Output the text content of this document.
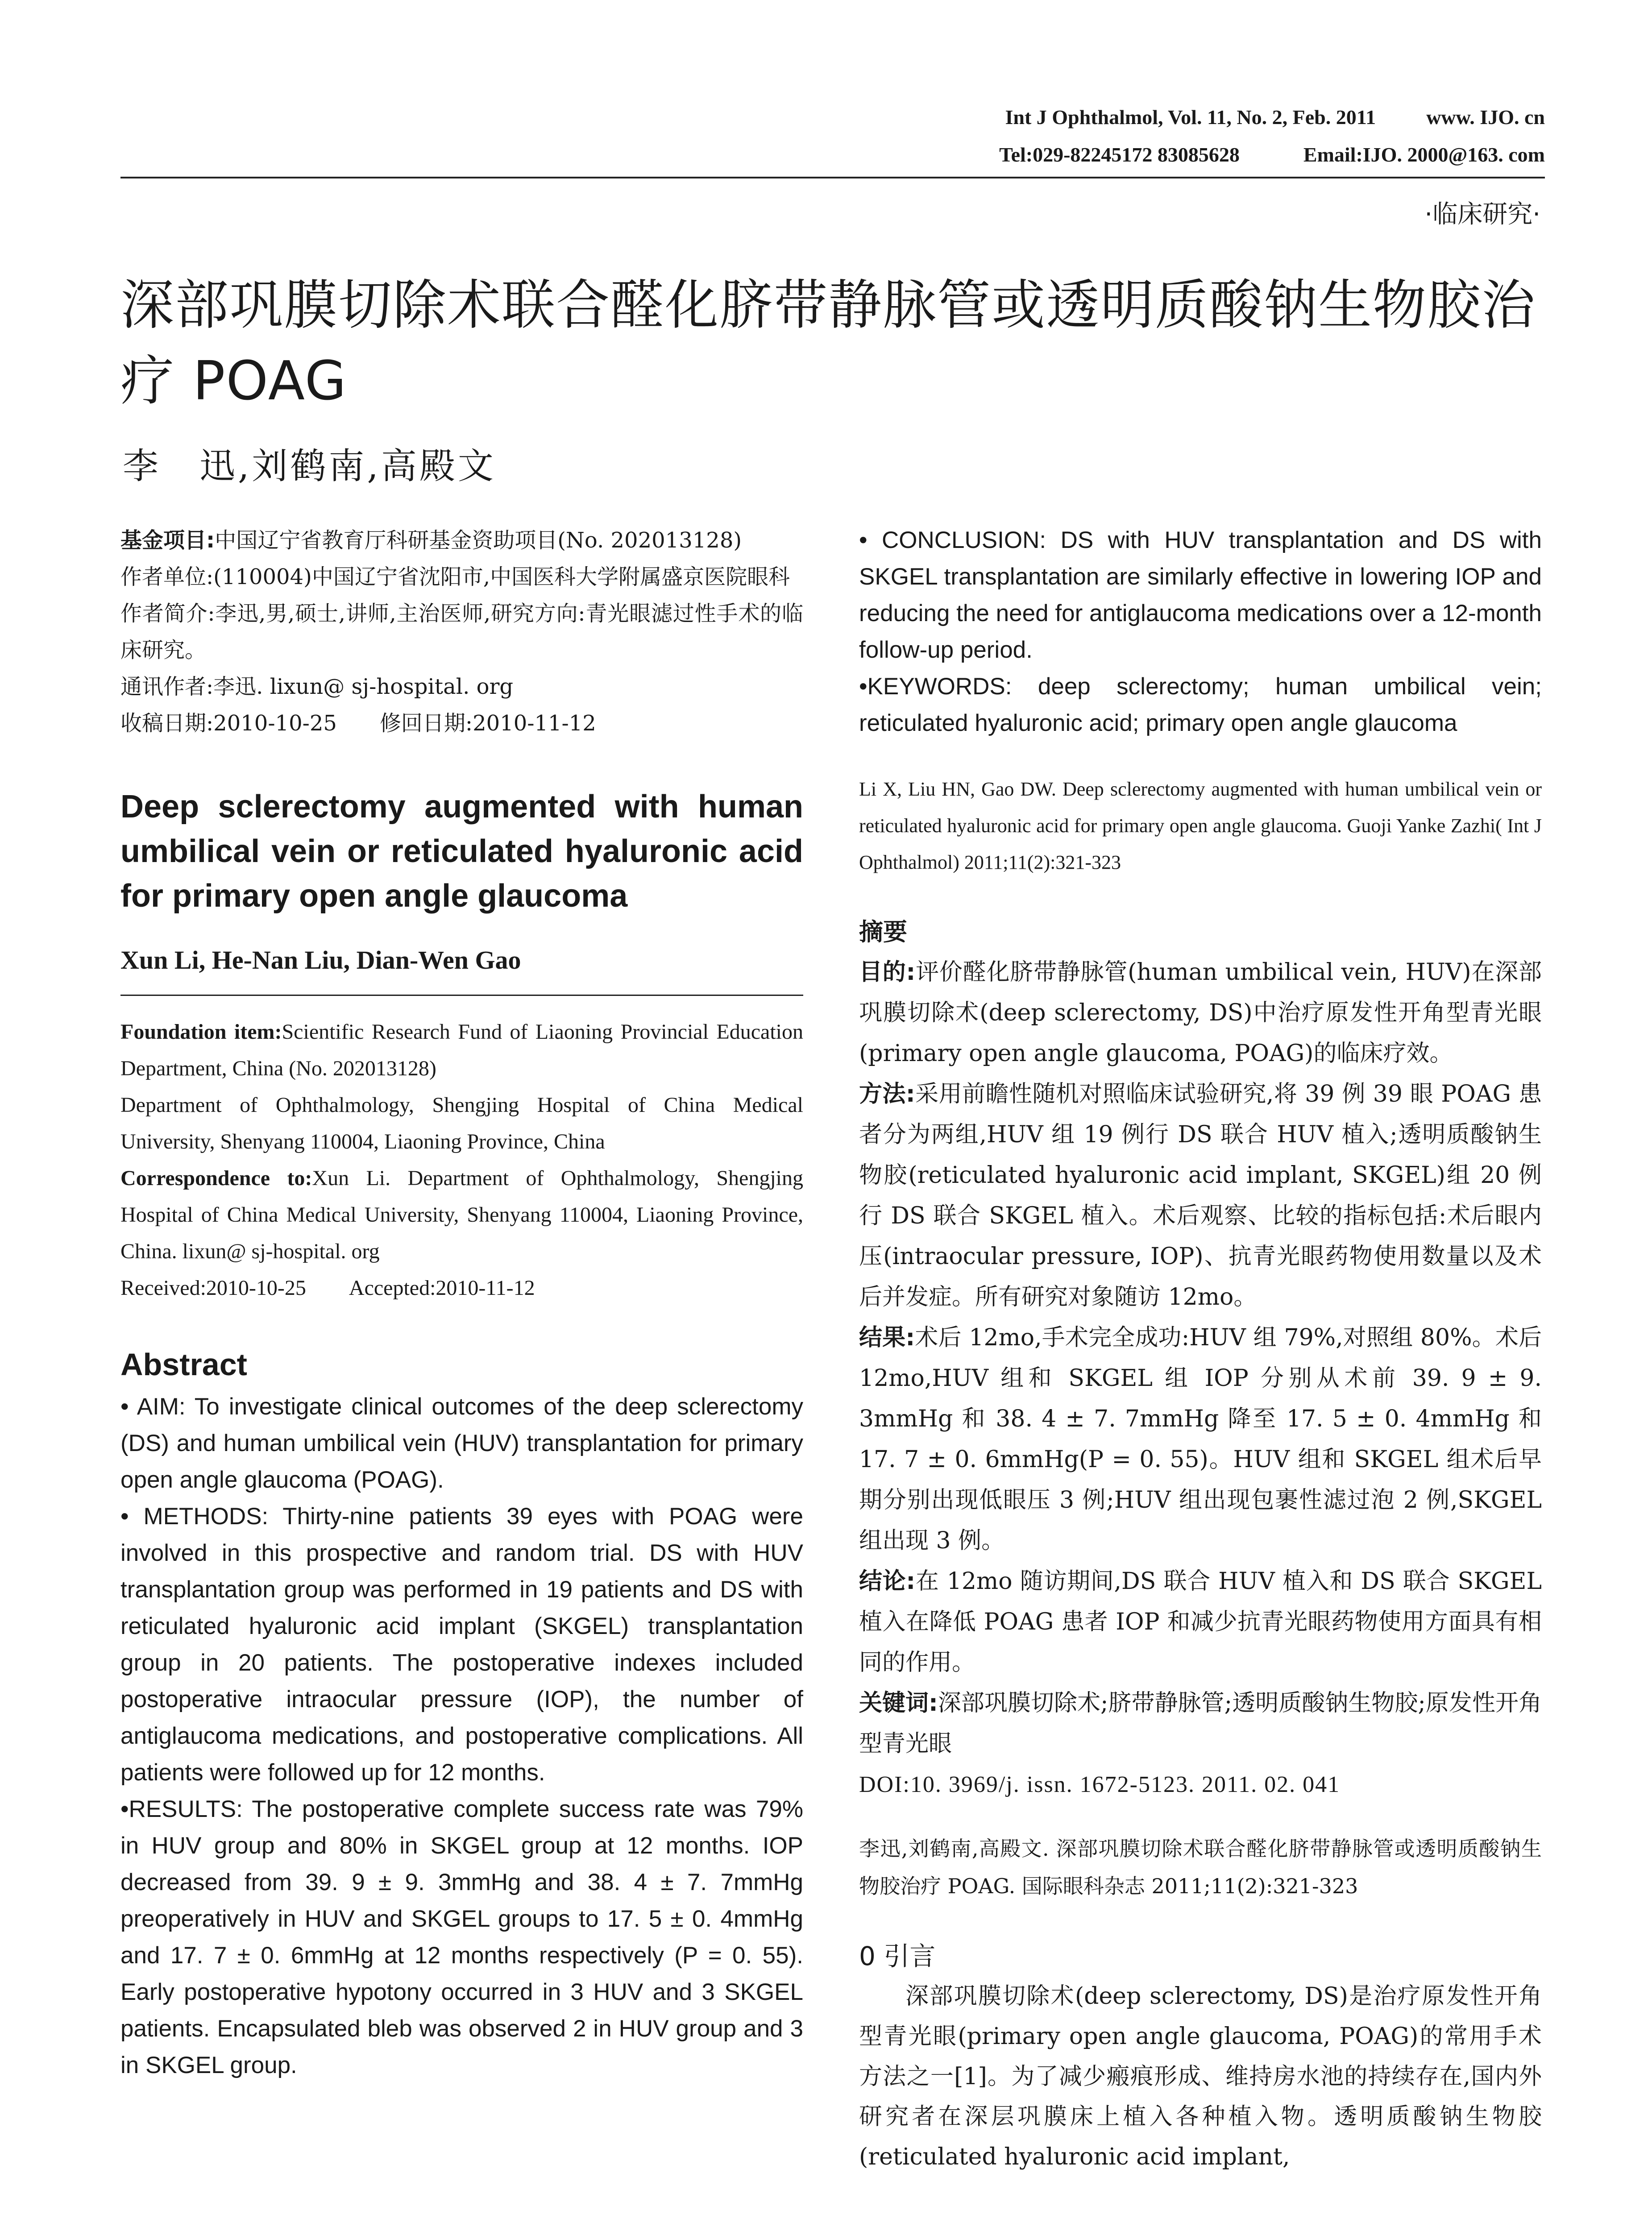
Int J Ophthalmol, Vol. 11, No. 2, Feb. 2011 www. IJO. cn
Tel:029-82245172 83085628	Email:IJO. 2000@163. com
·临床研究·
深部巩膜切除术联合醛化脐带静脉管或透明质酸钠生物胶治疗 POAG
李　迅,刘鹤南,高殿文

基金项目:中国辽宁省教育厅科研基金资助项目(No. 202013128)

作者单位:(110004)中国辽宁省沈阳市,中国医科大学附属盛京医院眼科

作者简介:李迅,男,硕士,讲师,主治医师,研究方向:青光眼滤过性手术的临床研究。

通讯作者:李迅. lixun@ sj-hospital. org

收稿日期:2010-10-25　　修回日期:2010-11-12

Deep sclerectomy augmented with human umbilical vein or reticulated hyaluronic acid for primary open angle glaucoma
Xun Li, He-Nan Liu, Dian-Wen Gao

Foundation item:Scientific Research Fund of Liaoning Provincial Education Department, China (No. 202013128)

Department of Ophthalmology, Shengjing Hospital of China Medical University, Shenyang 110004, Liaoning Province, China

Correspondence to:Xun Li. Department of Ophthalmology, Shengjing Hospital of China Medical University, Shenyang 110004, Liaoning Province, China. lixun@ sj-hospital. org

Received:2010-10-25　　Accepted:2010-11-12

Abstract

• AIM: To investigate clinical outcomes of the deep sclerectomy (DS) and human umbilical vein (HUV) transplantation for primary open angle glaucoma (POAG).

• METHODS: Thirty-nine patients 39 eyes with POAG were involved in this prospective and random trial. DS with HUV transplantation group was performed in 19 patients and DS with reticulated hyaluronic acid implant (SKGEL) transplantation group in 20 patients. The postoperative indexes included postoperative intraocular pressure (IOP), the number of antiglaucoma medications, and postoperative complications. All patients were followed up for 12 months.

•RESULTS: The postoperative complete success rate was 79% in HUV group and 80% in SKGEL group at 12 months. IOP decreased from 39. 9 ± 9. 3mmHg and 38. 4 ± 7. 7mmHg preoperatively in HUV and SKGEL groups to 17. 5 ± 0. 4mmHg and 17. 7 ± 0. 6mmHg at 12 months respectively (P = 0. 55). Early postoperative hypotony occurred in 3 HUV and 3 SKGEL patients. Encapsulated bleb was observed 2 in HUV group and 3 in SKGEL group.

• CONCLUSION: DS with HUV transplantation and DS with SKGEL transplantation are similarly effective in lowering IOP and reducing the need for antiglaucoma medications over a 12-month follow-up period.

•KEYWORDS: deep sclerectomy; human umbilical vein; reticulated hyaluronic acid; primary open angle glaucoma

Li X, Liu HN, Gao DW. Deep sclerectomy augmented with human umbilical vein or reticulated hyaluronic acid for primary open angle glaucoma. Guoji Yanke Zazhi( Int J Ophthalmol) 2011;11(2):321-323
摘要

目的:评价醛化脐带静脉管(human umbilical vein, HUV)在深部巩膜切除术(deep sclerectomy, DS)中治疗原发性开角型青光眼(primary open angle glaucoma, POAG)的临床疗效。

方法:采用前瞻性随机对照临床试验研究,将 39 例 39 眼 POAG 患者分为两组,HUV 组 19 例行 DS 联合 HUV 植入;透明质酸钠生物胶(reticulated hyaluronic acid implant, SKGEL)组 20 例行 DS 联合 SKGEL 植入。术后观察、比较的指标包括:术后眼内压(intraocular pressure, IOP)、抗青光眼药物使用数量以及术后并发症。所有研究对象随访 12mo。

结果:术后 12mo,手术完全成功:HUV 组 79%,对照组 80%。术后 12mo,HUV 组和 SKGEL 组 IOP 分别从术前 39. 9 ± 9. 3mmHg 和 38. 4 ± 7. 7mmHg 降至 17. 5 ± 0. 4mmHg 和 17. 7 ± 0. 6mmHg(P = 0. 55)。HUV 组和 SKGEL 组术后早期分别出现低眼压 3 例;HUV 组出现包裹性滤过泡 2 例,SKGEL 组出现 3 例。

结论:在 12mo 随访期间,DS 联合 HUV 植入和 DS 联合 SKGEL 植入在降低 POAG 患者 IOP 和减少抗青光眼药物使用方面具有相同的作用。

关键词:深部巩膜切除术;脐带静脉管;透明质酸钠生物胶;原发性开角型青光眼

DOI:10. 3969/j. issn. 1672-5123. 2011. 02. 041

李迅,刘鹤南,高殿文. 深部巩膜切除术联合醛化脐带静脉管或透明质酸钠生物胶治疗 POAG. 国际眼科杂志 2011;11(2):321-323
0 引言

深部巩膜切除术(deep sclerectomy, DS)是治疗原发性开角型青光眼(primary open angle glaucoma, POAG)的常用手术方法之一[1]。为了减少瘢痕形成、维持房水池的持续存在,国内外研究者在深层巩膜床上植入各种植入物。透明质酸钠生物胶(reticulated hyaluronic acid implant,
